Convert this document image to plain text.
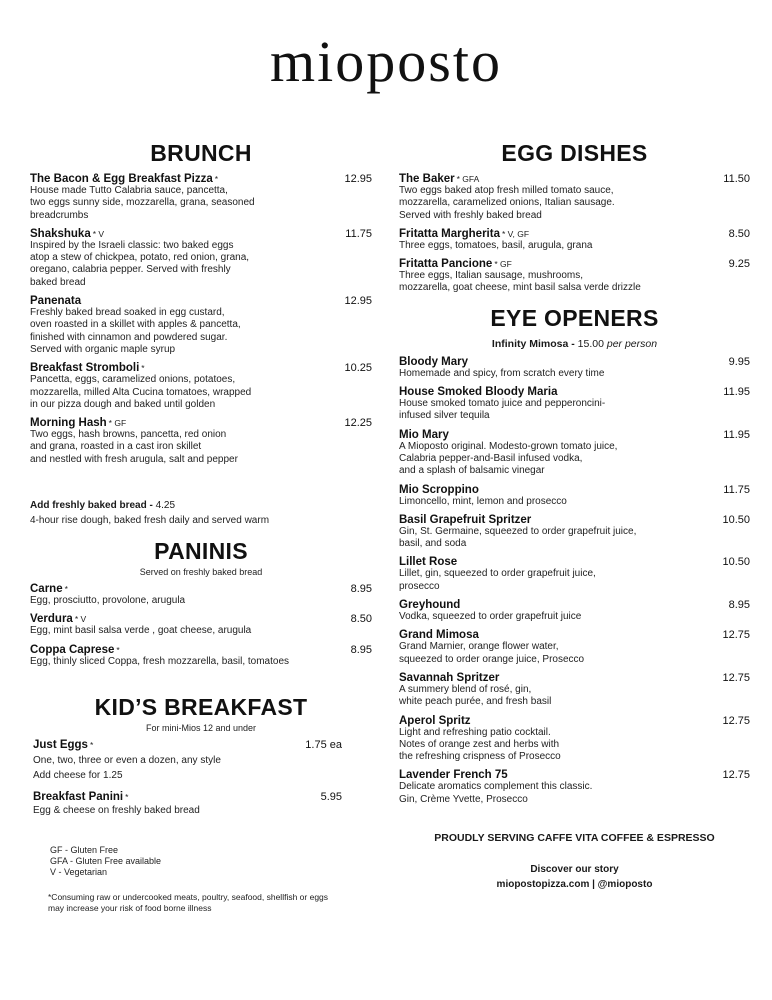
mioposto
BRUNCH
The Bacon & Egg Breakfast Pizza *	12.95
House made Tutto Calabria sauce, pancetta,
two eggs sunny side, mozzarella, grana, seasoned
breadcrumbs
Shakshuka * V	11.75
Inspired by the Israeli classic: two baked eggs
atop a stew of chickpea, potato, red onion, grana,
oregano, calabria pepper. Served with freshly
baked bread
Panenata	12.95
Freshly baked bread soaked in egg custard,
oven roasted in a skillet with apples & pancetta,
finished with cinnamon and powdered sugar.
Served with organic maple syrup
Breakfast Stromboli *	10.25
Pancetta, eggs, caramelized onions, potatoes,
mozzarella, milled Alta Cucina tomatoes, wrapped
in our pizza dough and baked until golden
Morning Hash * GF	12.25
Two eggs, hash browns, pancetta, red onion
and grana, roasted in a cast iron skillet
and nestled with fresh arugula, salt and pepper
Add freshly baked bread - 4.25
4-hour rise dough, baked fresh daily and served warm
PANINIS
Served on freshly baked bread
Carne *	8.95
Egg, prosciutto, provolone, arugula
Verdura * V	8.50
Egg, mint basil salsa verde , goat cheese, arugula
Coppa Caprese *	8.95
Egg, thinly sliced Coppa, fresh mozzarella, basil, tomatoes
KID’S BREAKFAST
For mini-Mios 12 and under
Just Eggs *	1.75 ea
One, two, three or even a dozen, any style
Add cheese for 1.25
Breakfast Panini *	5.95
Egg & cheese on freshly baked bread
GF - Gluten Free
GFA - Gluten Free available
V - Vegetarian
*Consuming raw or undercooked meats, poultry, seafood, shellfish or eggs
may increase your risk of food borne illness
EGG DISHES
The Baker * GFA	11.50
Two eggs baked atop fresh milled tomato sauce,
mozzarella, caramelized onions, Italian sausage.
Served with freshly baked bread
Fritatta Margherita * V, GF	8.50
Three eggs, tomatoes, basil, arugula, grana
Fritatta Pancione * GF	9.25
Three eggs, Italian sausage, mushrooms,
mozzarella, goat cheese, mint basil salsa verde drizzle
EYE OPENERS
Infinity Mimosa - 15.00 per person
Bloody Mary	9.95
Homemade and spicy, from scratch every time
House Smoked Bloody Maria	11.95
House smoked tomato juice and pepperoncini-
infused silver tequila
Mio Mary	11.95
A Mioposto original. Modesto-grown tomato juice,
Calabria pepper-and-Basil infused vodka,
and a splash of balsamic vinegar
Mio Scroppino	11.75
Limoncello, mint, lemon and prosecco
Basil Grapefruit Spritzer	10.50
Gin, St. Germaine, squeezed to order grapefruit juice,
basil, and soda
Lillet Rose	10.50
Lillet, gin, squeezed to order grapefruit juice,
prosecco
Greyhound	8.95
Vodka, squeezed to order grapefruit juice
Grand Mimosa	12.75
Grand Marnier, orange flower water,
squeezed to order orange juice, Prosecco
Savannah Spritzer	12.75
A summery blend of rosé, gin,
white peach purée, and fresh basil
Aperol Spritz	12.75
Light and refreshing patio cocktail.
Notes of orange zest and herbs with
the refreshing crispness of Prosecco
Lavender French 75	12.75
Delicate aromatics complement this classic.
Gin, Crème Yvette, Prosecco
PROUDLY SERVING CAFFE VITA COFFEE & ESPRESSO
Discover our story
miopostopizza.com | @mioposto
